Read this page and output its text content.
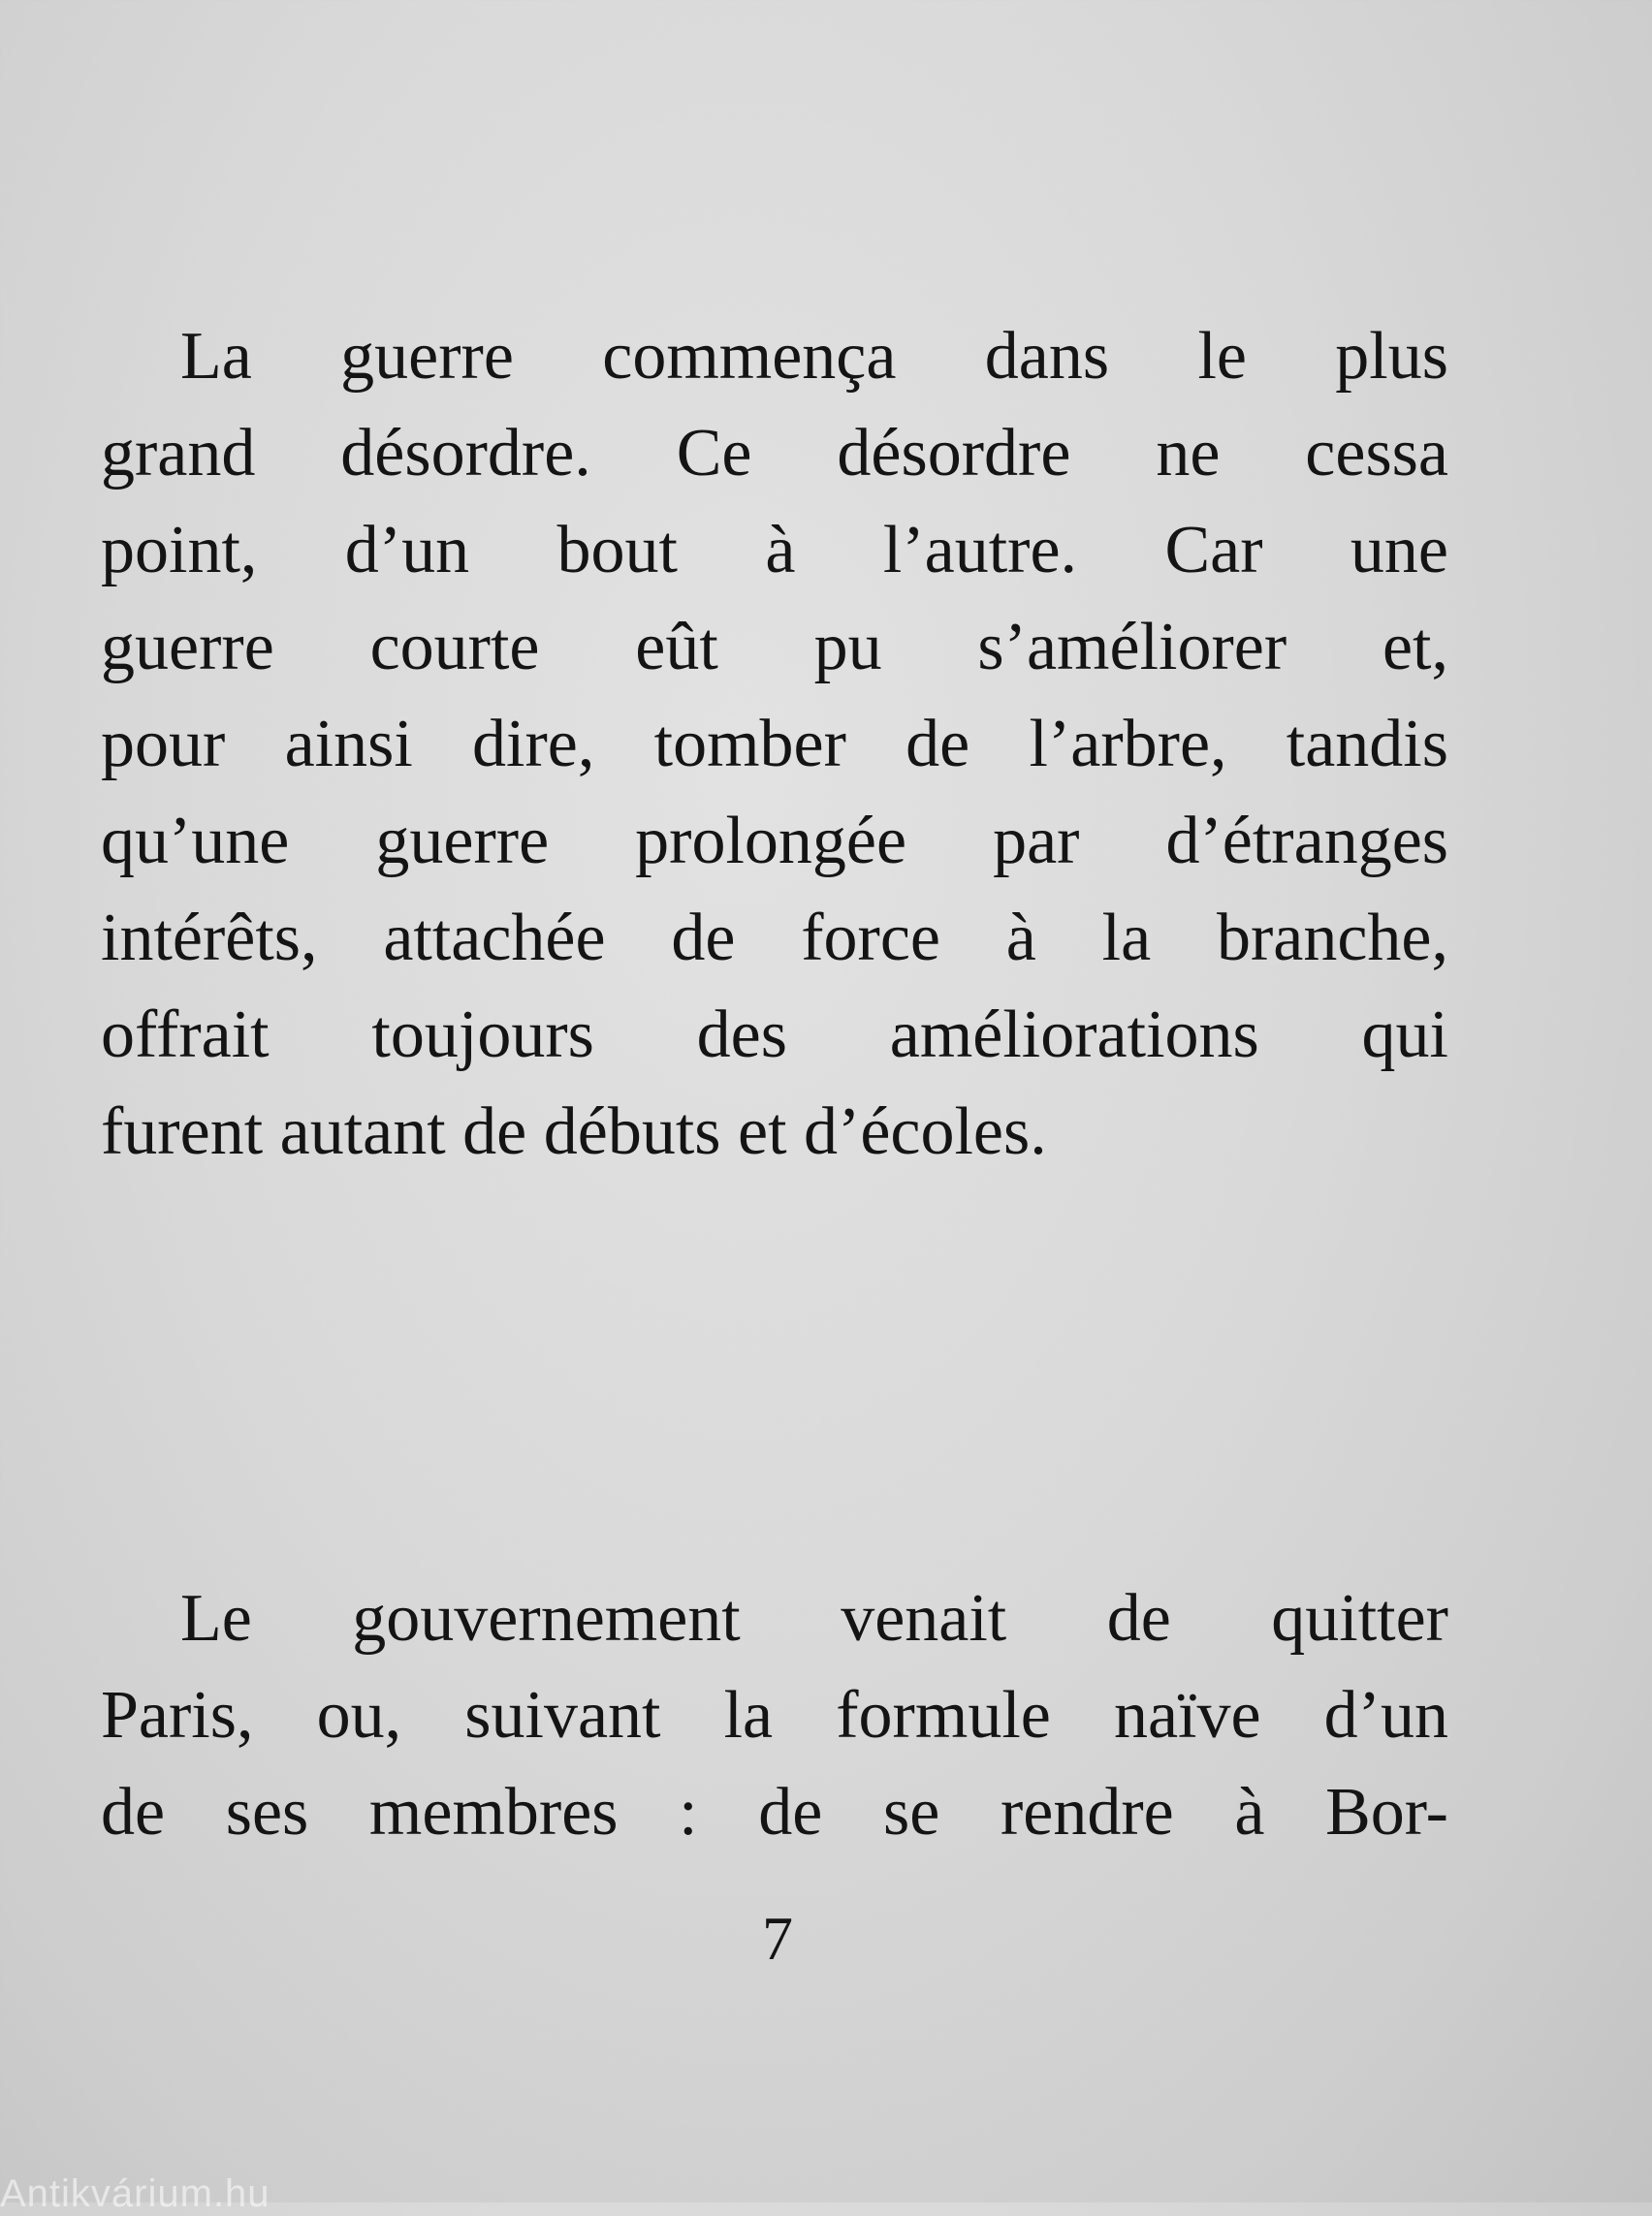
La guerre commença dans le plus
grand désordre. Ce désordre ne cessa
point, d’un bout à l’autre. Car une
guerre courte eût pu s’améliorer et,
pour ainsi dire, tomber de l’arbre, tandis
qu’une guerre prolongée par d’étranges
intérêts, attachée de force à la branche,
offrait toujours des améliorations qui
furent autant de débuts et d’écoles.
Le gouvernement venait de quitter
Paris, ou, suivant la formule naïve d’un
de ses membres : de se rendre à Bor-
7
Antikvárium.hu
